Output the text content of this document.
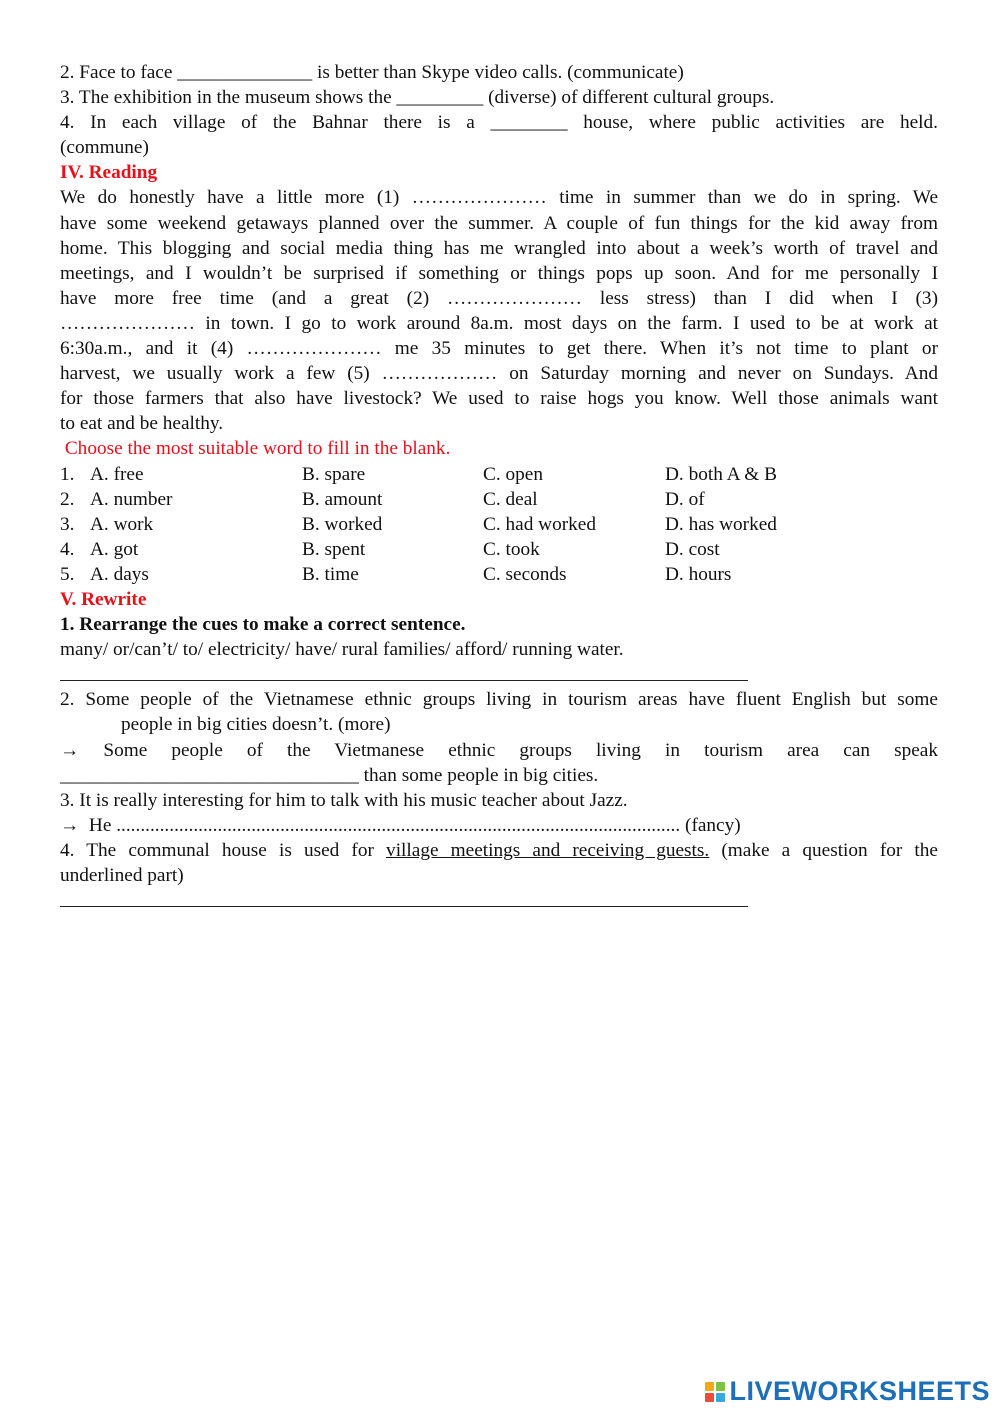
2. Face to face ______________ is better than Skype video calls. (communicate)
3. The exhibition in the museum shows the _________ (diverse) of different cultural groups.
4. In each village of the Bahnar there is a ________ house, where public activities are held.
(commune)
IV. Reading
We do honestly have a little more (1) ………………… time in summer than we do in spring. We
have some weekend getaways planned over the summer. A couple of fun things for the kid away from
home. This blogging and social media thing has me wrangled into about a week’s worth of travel and
meetings, and I wouldn’t be surprised if something or things pops up soon. And for me personally I
have more free time (and a great (2) ………………… less stress) than I did when I (3)
………………… in town. I go to work around 8a.m. most days on the farm. I used to be at work at
6:30a.m., and it (4) ………………… me 35 minutes to get there. When it’s not time to plant or
harvest, we usually work a few (5) ……………… on Saturday morning and never on Sundays. And
for those farmers that also have livestock? We used to raise hogs you know. Well those animals want
to eat and be healthy.
Choose the most suitable word to fill in the blank.
1. A. free	B. spare	C. open	D. both A & B
2. A. number	B. amount	C. deal	D. of
3. A. work	B. worked	C. had worked	D. has worked
4. A. got	B. spent	C. took	D. cost
5. A. days	B. time	C. seconds	D. hours
V. Rewrite
1. Rearrange the cues to make a correct sentence.
many/ or/can’t/ to/ electricity/ have/ rural families/ afford/ running water.
2. Some people of the Vietnamese ethnic groups living in tourism areas have fluent English but some
people in big cities doesn’t. (more)
→ Some people of the Vietmanese ethnic groups living in tourism area can speak
_______________________________ than some people in big cities.
3. It is really interesting for him to talk with his music teacher about Jazz.
→  He ..................................................................................................................... (fancy)
4. The communal house is used for village meetings and receiving guests. (make a question for the
underlined part)
LIVEWORKSHEETS
